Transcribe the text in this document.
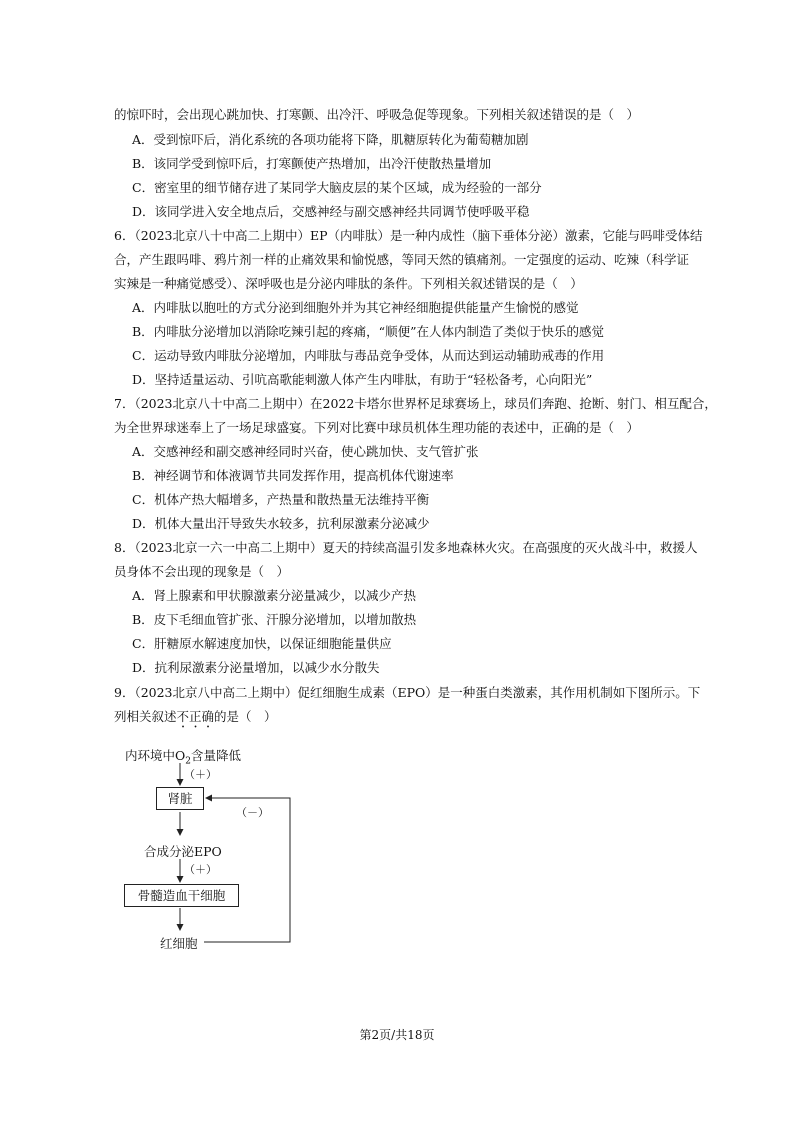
的惊吓时，会出现心跳加快、打寒颤、出冷汗、呼吸急促等现象。下列相关叙述错误的是（　）
A．受到惊吓后，消化系统的各项功能将下降，肌糖原转化为葡萄糖加剧
B．该同学受到惊吓后，打寒颤使产热增加，出冷汗使散热量增加
C．密室里的细节储存进了某同学大脑皮层的某个区域，成为经验的一部分
D．该同学进入安全地点后，交感神经与副交感神经共同调节使呼吸平稳
6．（2023北京八十中高二上期中）EP（内啡肽）是一种内成性（脑下垂体分泌）激素，它能与吗啡受体结
合，产生跟吗啡、鸦片剂一样的止痛效果和愉悦感，等同天然的镇痛剂。一定强度的运动、吃辣（科学证
实辣是一种痛觉感受）、深呼吸也是分泌内啡肽的条件。下列相关叙述错误的是（　）
A．内啡肽以胞吐的方式分泌到细胞外并为其它神经细胞提供能量产生愉悦的感觉
B．内啡肽分泌增加以消除吃辣引起的疼痛，“顺便”在人体内制造了类似于快乐的感觉
C．运动导致内啡肽分泌增加，内啡肽与毒品竞争受体，从而达到运动辅助戒毒的作用
D．坚持适量运动、引吭高歌能刺激人体产生内啡肽，有助于“轻松备考，心向阳光”
7．（2023北京八十中高二上期中）在2022卡塔尔世界杯足球赛场上，球员们奔跑、抢断、射门、相互配合，
为全世界球迷奉上了一场足球盛宴。下列对比赛中球员机体生理功能的表述中，正确的是（　）
A．交感神经和副交感神经同时兴奋，使心跳加快、支气管扩张
B．神经调节和体液调节共同发挥作用，提高机体代谢速率
C．机体产热大幅增多，产热量和散热量无法维持平衡
D．机体大量出汗导致失水较多，抗利尿激素分泌减少
8．（2023北京一六一中高二上期中）夏天的持续高温引发多地森林火灾。在高强度的灭火战斗中，救援人
员身体不会出现的现象是（　）
A．肾上腺素和甲状腺激素分泌量减少，以减少产热
B．皮下毛细血管扩张、汗腺分泌增加，以增加散热
C．肝糖原水解速度加快，以保证细胞能量供应
D．抗利尿激素分泌量增加，以减少水分散失
9．（2023北京八中高二上期中）促红细胞生成素（EPO）是一种蛋白类激素，其作用机制如下图所示。下
列相关叙述不正确的是（　）
内环境中$O_2$含量降低
（＋）
肾脏
（－）
合成分泌EPO
（＋）
骨髓造血干细胞
红细胞
第2页/共18页
